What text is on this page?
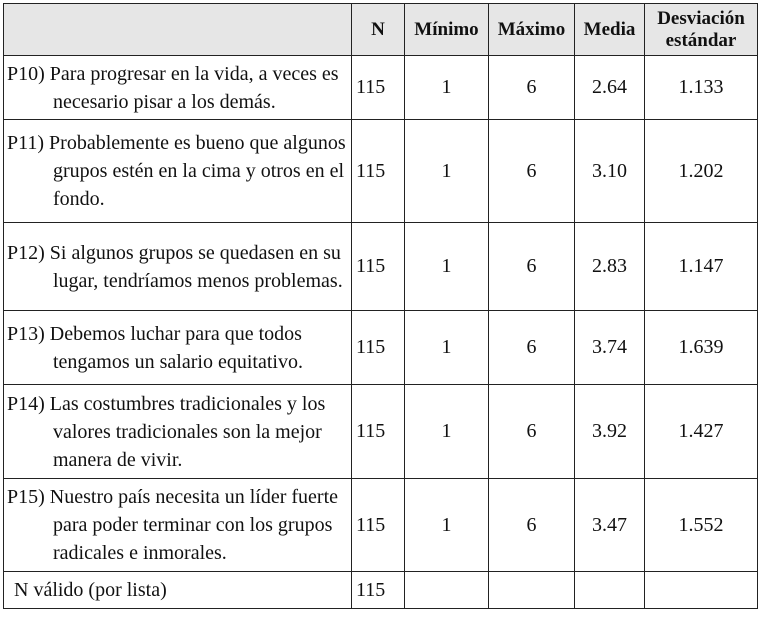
	N	Mínimo	Máximo	Media	Desviación estándar

P10) Para progresar en la vida, a veces es necesario pisar a los demás.	115	1	6	2.64	1.133

P11) Probablemente es bueno que algunos grupos estén en la cima y otros en el fondo.	115	1	6	3.10	1.202

P12) Si algunos grupos se quedasen en su lugar, tendríamos menos problemas.	115	1	6	2.83	1.147

P13) Debemos luchar para que todos tengamos un salario equitativo.	115	1	6	3.74	1.639

P14) Las costumbres tradicionales y los valores tradicionales son la mejor manera de vivir.	115	1	6	3.92	1.427

P15) Nuestro país necesita un líder fuerte para poder terminar con los grupos radicales e inmorales.	115	1	6	3.47	1.552
N válido (por lista)	115				
